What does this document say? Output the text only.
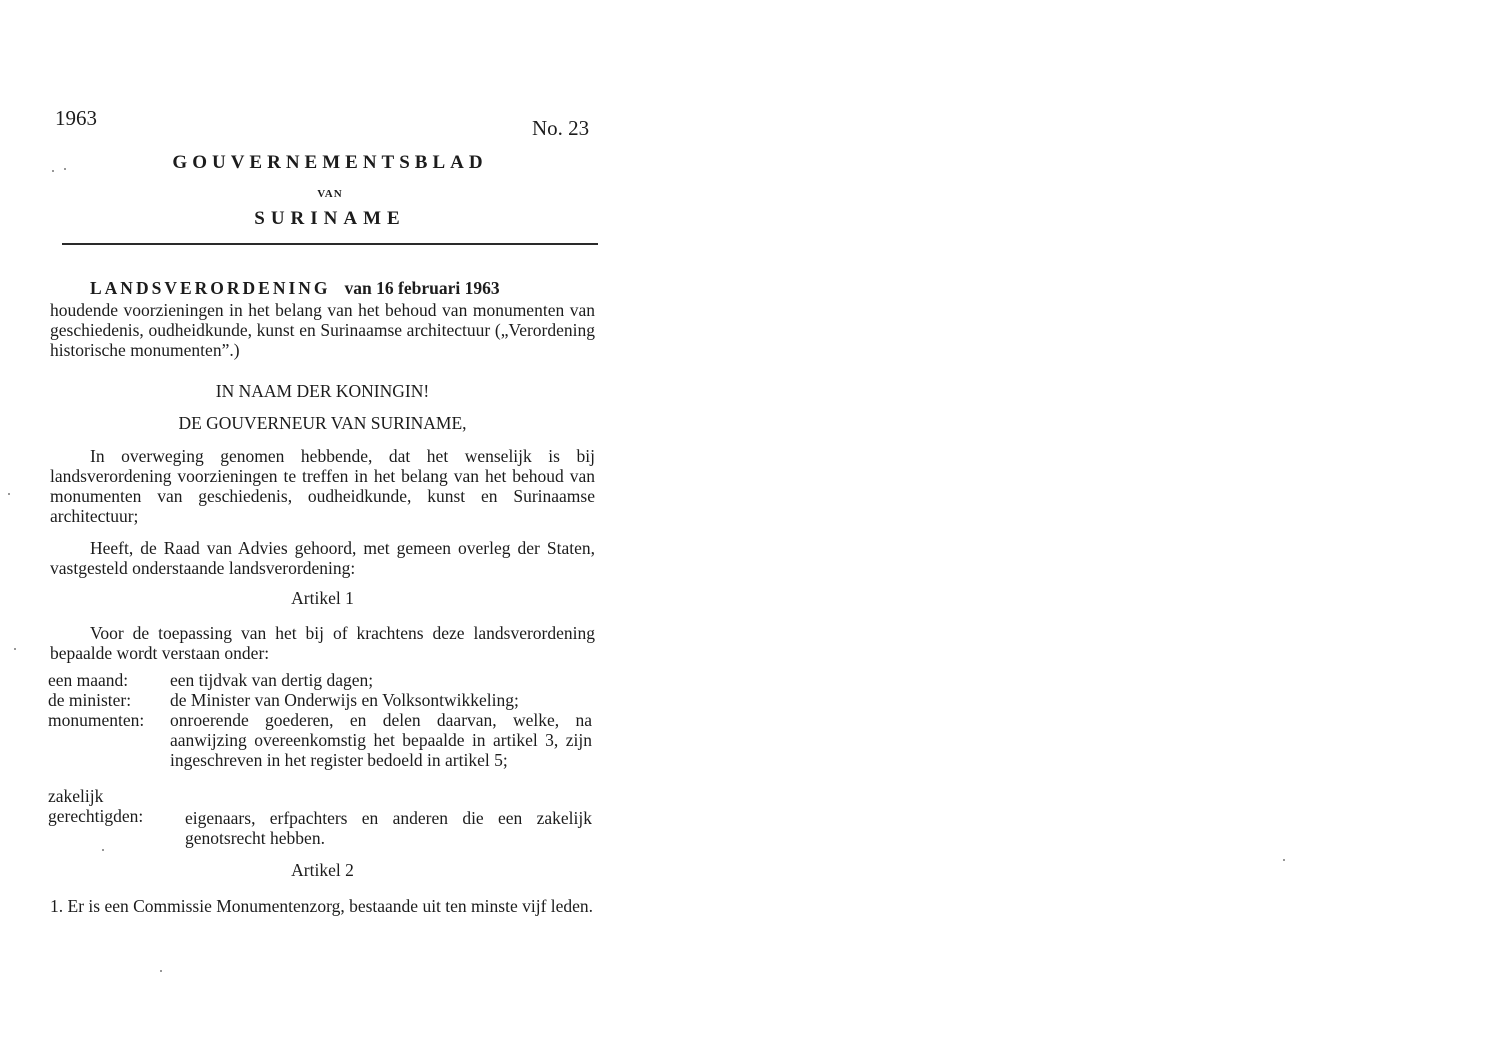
1963	No. 23
GOUVERNEMENTSBLAD
VAN
SURINAME
LANDSVERORDENING van 16 februari 1963
houdende voorzieningen in het belang van het behoud van monumenten van geschiedenis, oudheidkunde, kunst en Surinaamse architectuur („Verordening historische monumenten”.)
IN NAAM DER KONINGIN!
DE GOUVERNEUR VAN SURINAME,
In overweging genomen hebbende, dat het wenselijk is bij landsverordening voorzieningen te treffen in het belang van het behoud van monumenten van geschiedenis, oudheidkunde, kunst en Surinaamse architectuur;
Heeft, de Raad van Advies gehoord, met gemeen overleg der Staten, vastgesteld onderstaande landsverordening:
Artikel 1
Voor de toepassing van het bij of krachtens deze landsverordening bepaalde wordt verstaan onder:
een maand: een tijdvak van dertig dagen;
de minister: de Minister van Onderwijs en Volksontwikkeling;
monumenten: onroerende goederen, en delen daarvan, welke, na aanwijzing overeenkomstig het bepaalde in artikel 3, zijn ingeschreven in het register bedoeld in artikel 5;
zakelijk
gerechtigden: eigenaars, erfpachters en anderen die een zakelijk genotsrecht hebben.
Artikel 2
1. Er is een Commissie Monumentenzorg, bestaande uit ten minste vijf leden.
